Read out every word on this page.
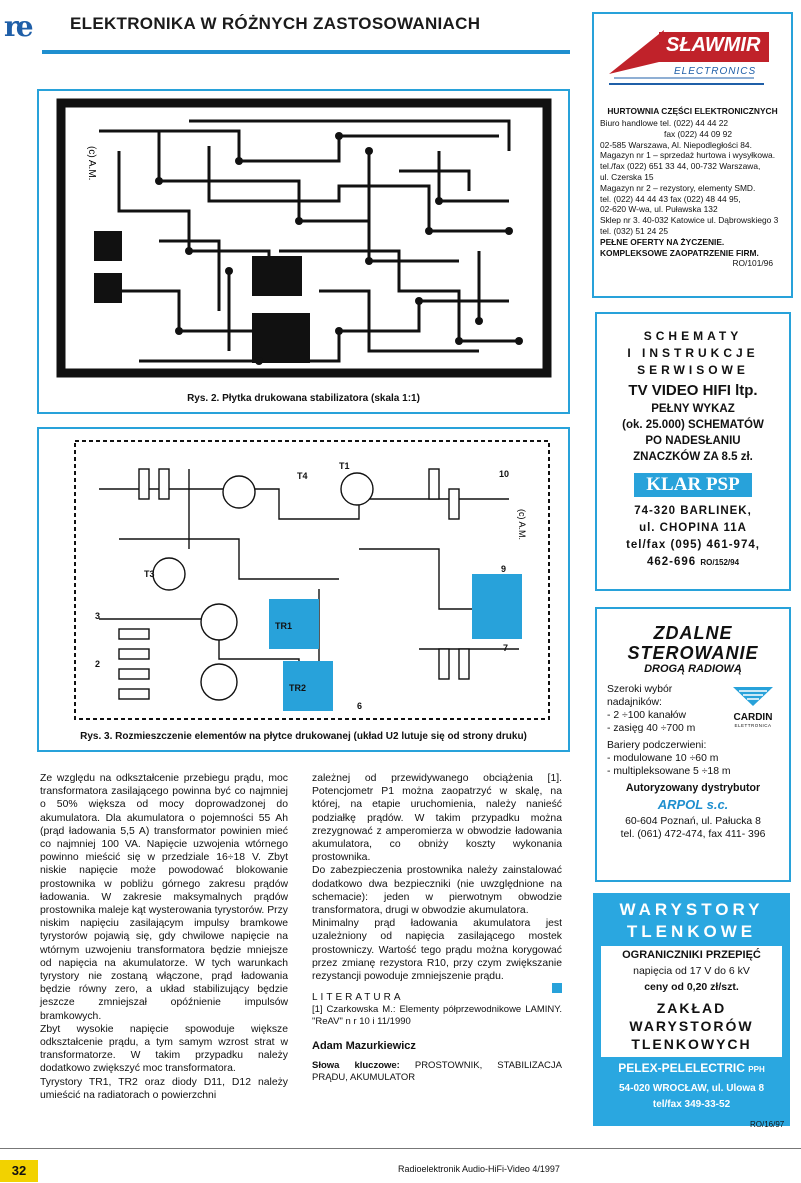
re	ELEKTRONIKA W RÓŻNYCH ZASTOSOWANIACH
(c) A.M.
Rys. 2. Płytka drukowana stabilizatora (skala 1:1)
10
9
7
3
2
6
T1
T4
T3
TR1
TR2
(c) A.M.
Rys. 3. Rozmieszczenie elementów na płytce drukowanej (układ U2 lutuje się od strony druku)

Ze względu na odkształcenie przebiegu prądu, moc transformatora zasilającego powinna być co najmniej o 50% większa od mocy doprowadzonej do akumulatora. Dla akumulatora o pojemności 55 Ah (prąd ładowania 5,5 A) transformator powinien mieć co najmniej 100 VA. Napięcie uzwojenia wtórnego powinno mieścić się w przedziale 16÷18 V. Zbyt niskie napięcie może powodować blokowanie prostownika w pobliżu górnego zakresu prądów ładowania. W zakresie maksymalnych prądów prostownika maleje kąt wysterowania tyrystorów. Przy niskim napięciu zasilającym impulsy bramkowe tyrystorów pojawią się, gdy chwilowe napięcie na wtórnym uzwojeniu transformatora będzie mniejsze od napięcia na akumulatorze. W tych warunkach tyrystory nie zostaną włączone, prąd ładowania będzie równy zero, a układ stabilizujący będzie jeszcze zmniejszał opóźnienie impulsów bramkowych.

Zbyt wysokie napięcie spowoduje większe odkształcenie prądu, a tym samym wzrost strat w transformatorze. W takim przypadku należy dodatkowo zwiększyć moc transformatora.

Tyrystory TR1, TR2 oraz diody D11, D12 należy umieścić na radiatorach o powierzchni

zależnej od przewidywanego obciążenia [1]. Potencjometr P1 można zaopatrzyć w skalę, na której, na etapie uruchomienia, należy nanieść podziałkę prądów. W takim przypadku można zrezygnować z amperomierza w obwodzie ładowania akumulatora, co obniży koszty wykonania prostownika.

Do zabezpieczenia prostownika należy zainstalować dodatkowo dwa bezpieczniki (nie uwzględnione na schemacie): jeden w pierwotnym obwodzie transformatora, drugi w obwodzie akumulatora.

Minimalny prąd ładowania akumulatora jest uzależniony od napięcia zasilającego mostek prostowniczy. Wartość tego prądu można korygować przez zmianę rezystora R10, przy czym zwiększanie rezystancji powoduje zmniejszenie prądu.

LITERATURA

[1] Czarkowska M.: Elementy półprzewodnikowe LAMINY. "ReAV" n r 10 i 11/1990

Adam Mazurkiewicz

Słowa kluczowe: PROSTOWNIK, STABILIZACJA PRĄDU, AKUMULATOR

32	Radioelektronik Audio-HiFi-Video 4/1997
SŁAWMIR
ELECTRONICS
HURTOWNIA CZĘŚCI ELEKTRONICZNYCH
Biuro handlowe tel. (022) 44 44 22
fax (022) 44 09 92
02-585 Warszawa, Al. Niepodległości 84.
Magazyn nr 1 – sprzedaż hurtowa i wysyłkowa.
tel./fax (022) 651 33 44, 00-732 Warszawa,
ul. Czerska 15
Magazyn nr 2 – rezystory, elementy SMD.
tel. (022) 44 44 43 fax (022) 48 44 95,
02-620 W-wa, ul. Puławska 132
Sklep nr 3. 40-032 Katowice ul. Dąbrowskiego 3
tel. (032) 51 24 25
PEŁNE OFERTY NA ŻYCZENIE.
KOMPLEKSOWE ZAOPATRZENIE FIRM.
RO/101/96
SCHEMATY
I INSTRUKCJE
SERWISOWE
TV VIDEO HIFI ltp.
PEŁNY WYKAZ
(ok. 25.000) SCHEMATÓW
PO NADESŁANIU
ZNACZKÓW ZA 8.5 zł.
KLAR PSP
74-320 BARLINEK,
ul. CHOPINA 11A
tel/fax (095) 461-974,
462-696 RO/152/94
ZDALNE
STEROWANIE
DROGĄ RADIOWĄ
Szeroki wybór
nadajników:
- 2 ÷100 kanałów
- zasięg 40 ÷700 m
CARDIN
ELETTRONICA
Bariery podczerwieni:
- modulowane 10 ÷60 m
- multipleksowane 5 ÷18 m
Autoryzowany dystrybutor
ARPOL s.c.
60-604 Poznań, ul. Pałucka 8
tel. (061) 472-474, fax 411- 396
WARYSTORY
TLENKOWE
OGRANICZNIKI PRZEPIĘĆ
napięcia od 17 V do 6 kV
ceny od 0,20 zł/szt.
ZAKŁAD
WARYSTORÓW
TLENKOWYCH
PELEX-PELELECTRIC PPH
54-020 WROCŁAW, ul. Ulowa 8
tel/fax 349-33-52
RO/16/97
